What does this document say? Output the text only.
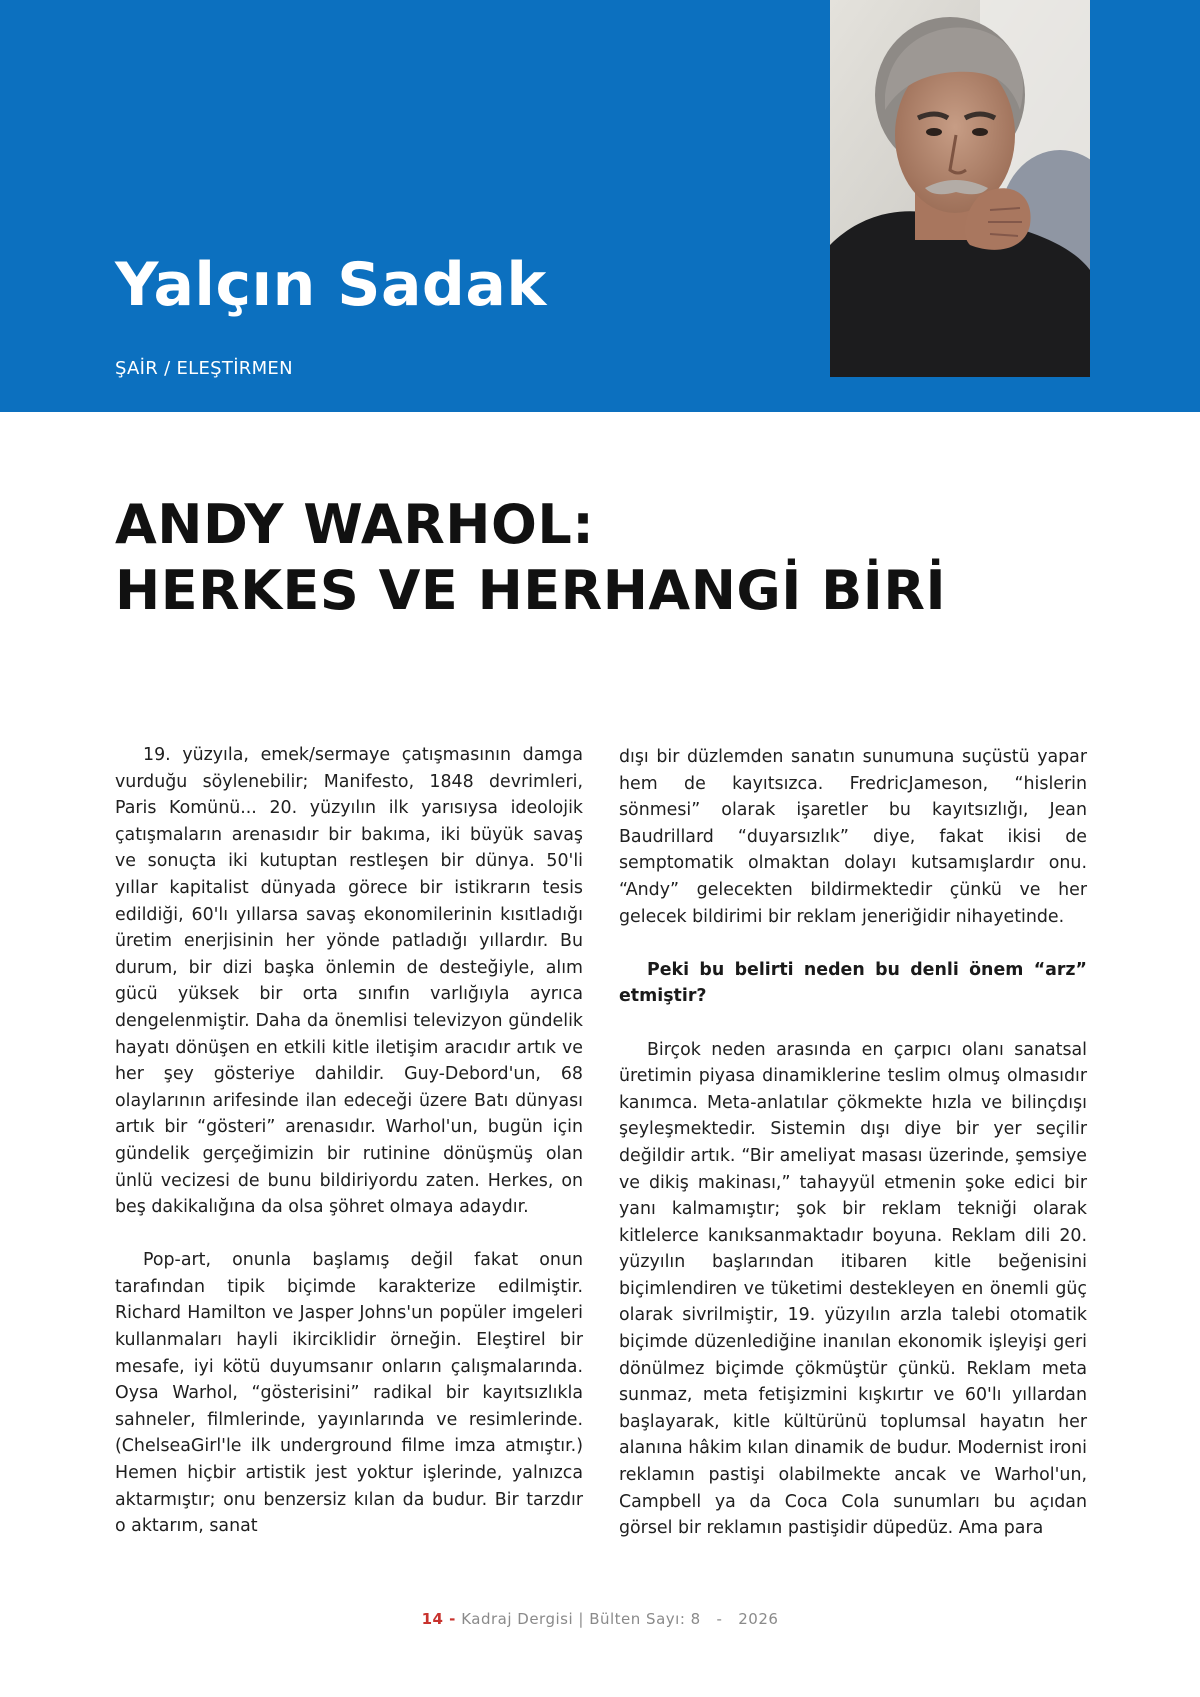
Yalçın Sadak
ŞAİR / ELEŞTİRMEN
ANDY WARHOL:
HERKES VE HERHANGİ BİRİ

19. yüzyıla, emek/sermaye çatışmasının damga vurduğu söylenebilir; Manifesto, 1848 devrimleri, Paris Komünü... 20. yüzyılın ilk yarısıysa ideolojik çatışmaların arenasıdır bir bakıma, iki büyük savaş ve sonuçta iki kutuptan restleşen bir dünya. 50'li yıllar kapitalist dünyada görece bir istikrarın tesis edildiği, 60'lı yıllarsa savaş ekonomilerinin kısıtladığı üretim enerjisinin her yönde patladığı yıllardır. Bu durum, bir dizi başka önlemin de desteğiyle, alım gücü yüksek bir orta sınıfın varlığıyla ayrıca dengelenmiştir. Daha da önemlisi televizyon gündelik hayatı dönüşen en etkili kitle iletişim aracıdır artık ve her şey gösteriye dahildir. Guy-Debord'un, 68 olaylarının arifesinde ilan edeceği üzere Batı dünyası artık bir “gösteri” arenasıdır. Warhol'un, bugün için gündelik gerçeğimizin bir rutinine dönüşmüş olan ünlü vecizesi de bunu bildiriyordu zaten. Herkes, on beş dakikalığına da olsa şöhret olmaya adaydır.

Pop-art, onunla başlamış değil fakat onun tarafından tipik biçimde karakterize edilmiştir. Richard Hamilton ve Jasper Johns'un popüler imgeleri kullanmaları hayli ikirciklidir örneğin. Eleştirel bir mesafe, iyi kötü duyumsanır onların çalışmalarında. Oysa Warhol, “gösterisini” radikal bir kayıtsızlıkla sahneler, filmlerinde, yayınlarında ve resimlerinde. (ChelseaGirl'le ilk underground filme imza atmıştır.) Hemen hiçbir artistik jest yoktur işlerinde, yalnızca aktarmıştır; onu benzersiz kılan da budur. Bir tarzdır o aktarım, sanat

dışı bir düzlemden sanatın sunumuna suçüstü yapar hem de kayıtsızca. FredricJameson, “hislerin sönmesi” olarak işaretler bu kayıtsızlığı, Jean Baudrillard “duyarsızlık” diye, fakat ikisi de semptomatik olmaktan dolayı kutsamışlardır onu. “Andy” gelecekten bildirmektedir çünkü ve her gelecek bildirimi bir reklam jeneriğidir nihayetinde.

Peki bu belirti neden bu denli önem “arz” etmiştir?

Birçok neden arasında en çarpıcı olanı sanatsal üretimin piyasa dinamiklerine teslim olmuş olmasıdır kanımca. Meta-anlatılar çökmekte hızla ve bilinçdışı şeyleşmektedir. Sistemin dışı diye bir yer seçilir değildir artık. “Bir ameliyat masası üzerinde, şemsiye ve dikiş makinası,” tahayyül etmenin şoke edici bir yanı kalmamıştır; şok bir reklam tekniği olarak kitlelerce kanıksanmaktadır boyuna. Reklam dili 20. yüzyılın başlarından itibaren kitle beğenisini biçimlendiren ve tüketimi destekleyen en önemli güç olarak sivrilmiştir, 19. yüzyılın arzla talebi otomatik biçimde düzenlediğine inanılan ekonomik işleyişi geri dönülmez biçimde çökmüştür çünkü. Reklam meta sunmaz, meta fetişizmini kışkırtır ve 60'lı yıllardan başlayarak, kitle kültürünü toplumsal hayatın her alanına hâkim kılan dinamik de budur. Modernist ironi reklamın pastişi olabilmekte ancak ve Warhol'un, Campbell ya da Coca Cola sunumları bu açıdan görsel bir reklamın pastişidir düpedüz. Ama para

14 - Kadraj Dergisi | Bülten Sayı: 8 - 2026
